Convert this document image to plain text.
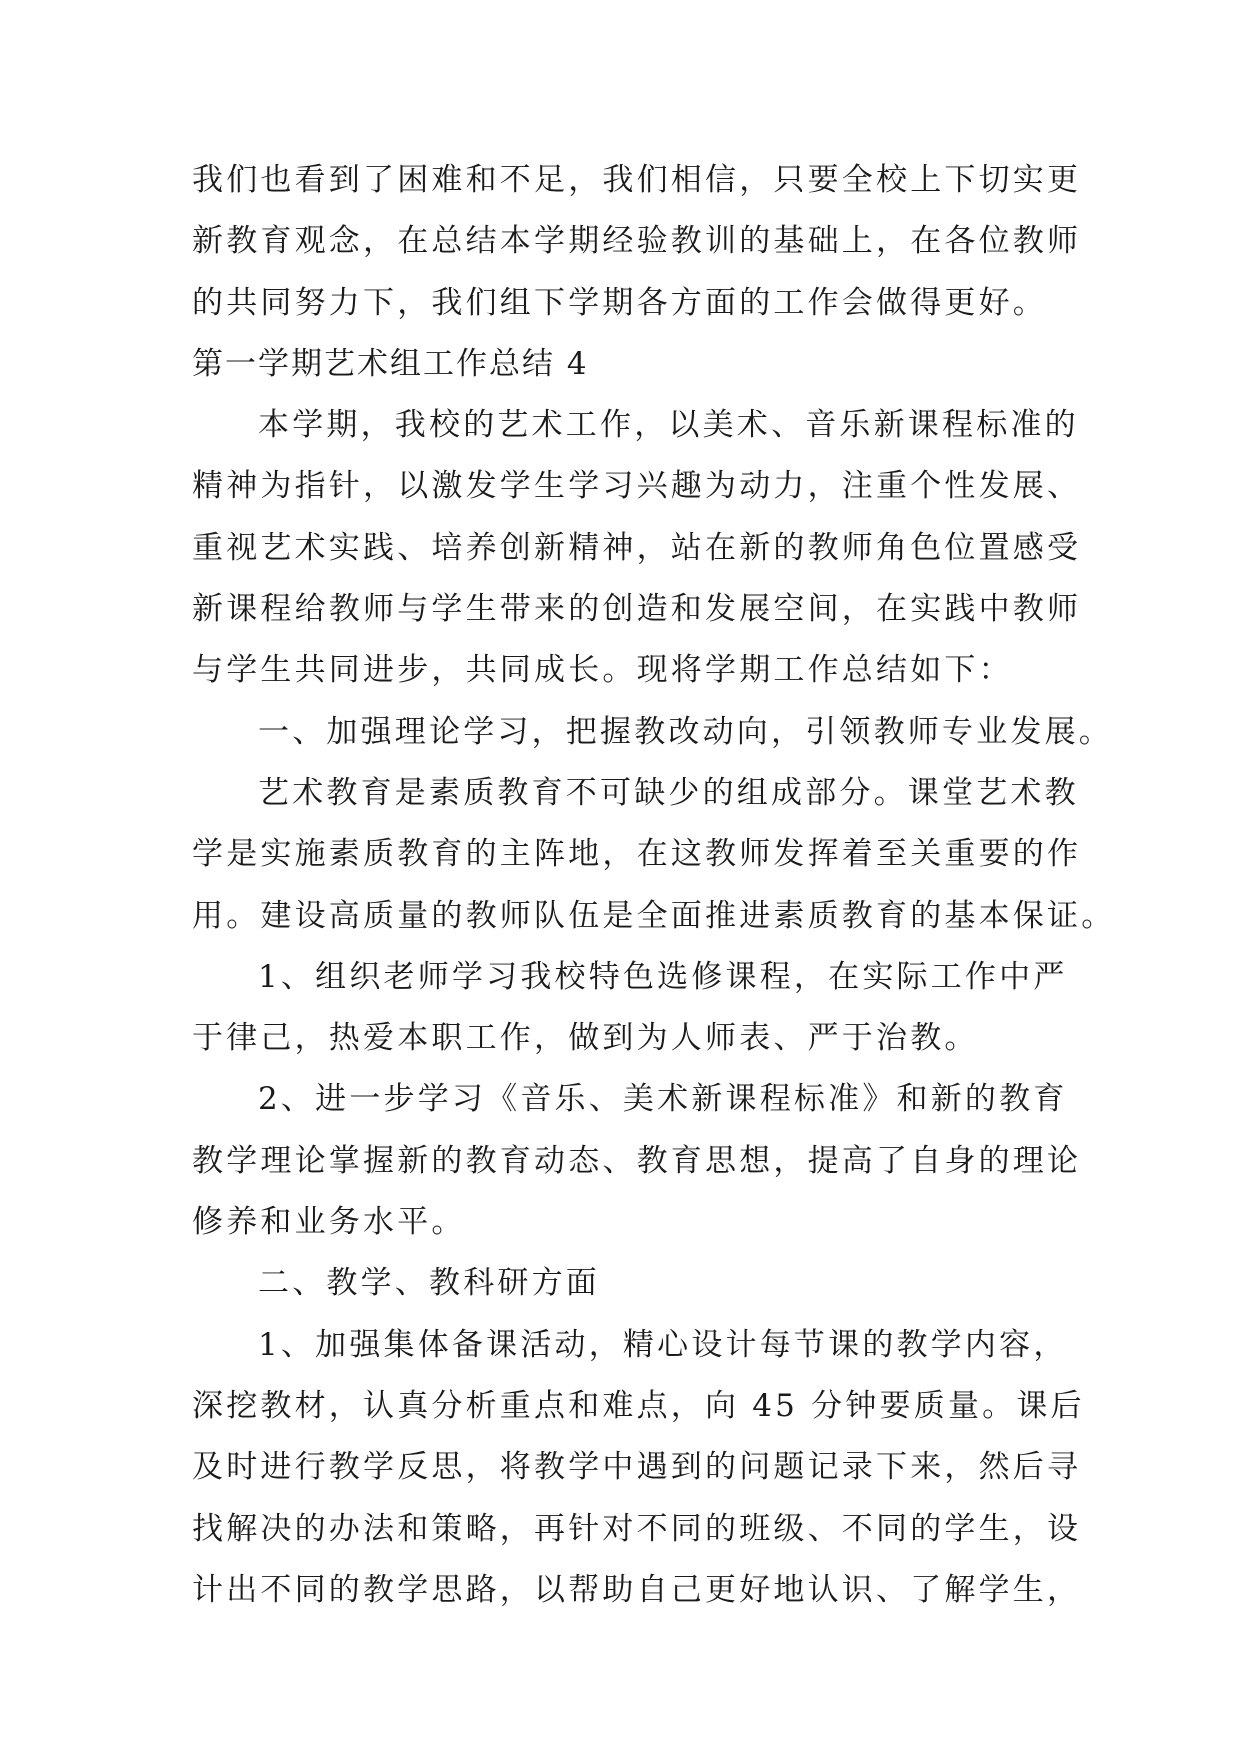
我们也看到了困难和不足，我们相信，只要全校上下切实更
新教育观念，在总结本学期经验教训的基础上，在各位教师
的共同努力下，我们组下学期各方面的工作会做得更好。
第一学期艺术组工作总结 4
本学期，我校的艺术工作，以美术、音乐新课程标准的
精神为指针，以激发学生学习兴趣为动力，注重个性发展、
重视艺术实践、培养创新精神，站在新的教师角色位置感受
新课程给教师与学生带来的创造和发展空间，在实践中教师
与学生共同进步，共同成长。现将学期工作总结如下：
一、加强理论学习，把握教改动向，引领教师专业发展。
艺术教育是素质教育不可缺少的组成部分。课堂艺术教
学是实施素质教育的主阵地，在这教师发挥着至关重要的作
用。建设高质量的教师队伍是全面推进素质教育的基本保证。
1、组织老师学习我校特色选修课程，在实际工作中严
于律己，热爱本职工作，做到为人师表、严于治教。
2、进一步学习《音乐、美术新课程标准》和新的教育
教学理论掌握新的教育动态、教育思想，提高了自身的理论
修养和业务水平。
二、教学、教科研方面
1、加强集体备课活动，精心设计每节课的教学内容，
深挖教材，认真分析重点和难点，向 45 分钟要质量。课后
及时进行教学反思，将教学中遇到的问题记录下来，然后寻
找解决的办法和策略，再针对不同的班级、不同的学生，设
计出不同的教学思路，以帮助自己更好地认识、了解学生，
